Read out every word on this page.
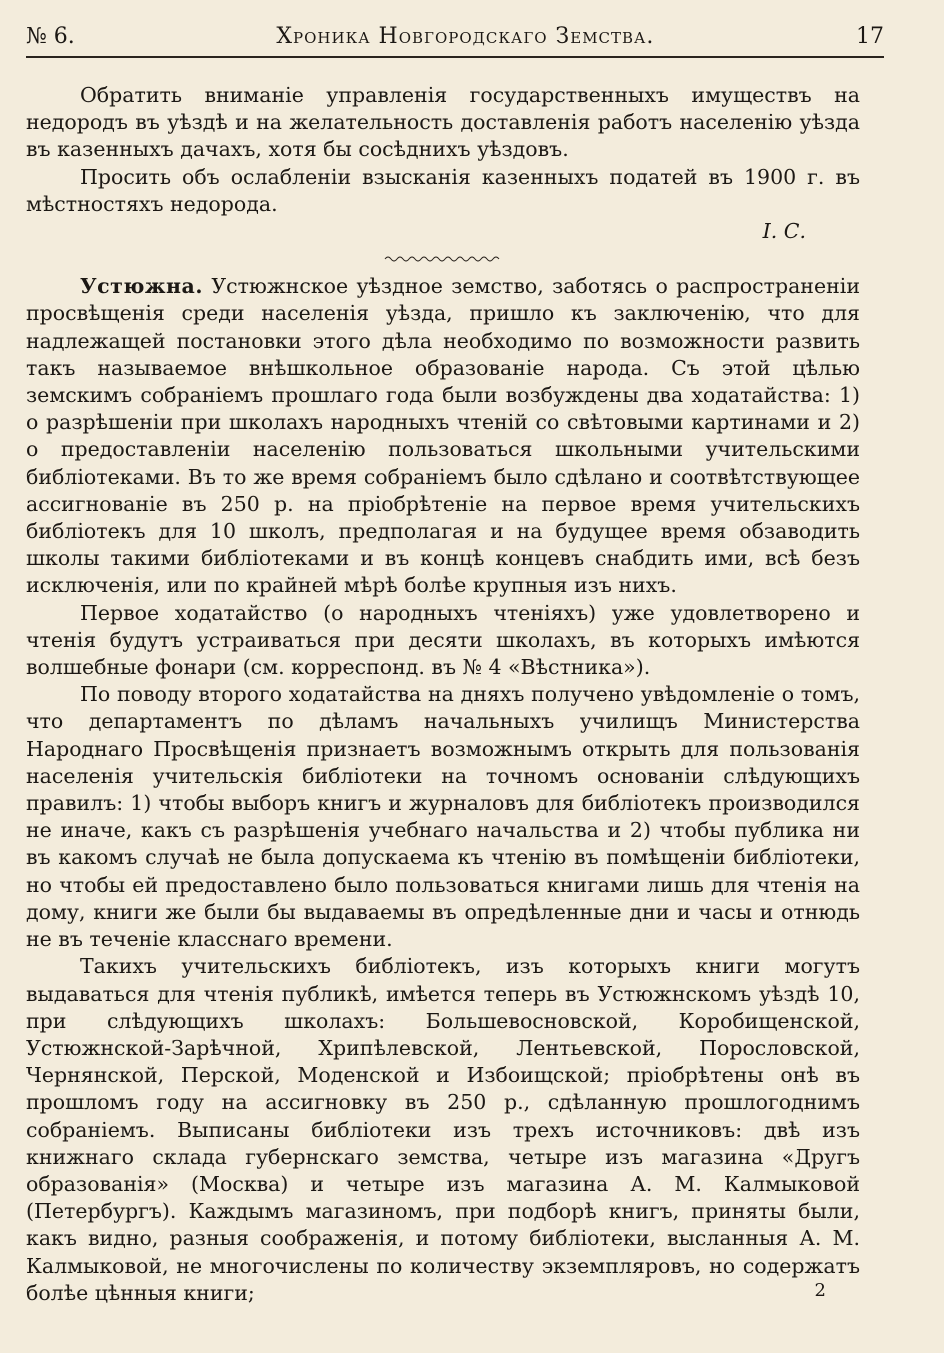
№ 6.	Хроника Новгородскаго Земства.	17

Обратить вниманіе управленія государственныхъ имуществъ на недородъ въ уѣздѣ и на желательность доставленія работъ населенію уѣзда въ казенныхъ дачахъ, хотя бы сосѣднихъ уѣздовъ.

Просить объ ослабленіи взысканія казенныхъ податей въ 1900 г. въ мѣстностяхъ недорода.

І. С.

Устюжна. Устюжнское уѣздное земство, заботясь о распространеніи просвѣщенія среди населенія уѣзда, пришло къ заключенію, что для надлежащей постановки этого дѣла необходимо по возможности развить такъ называемое внѣшкольное образованіе народа. Съ этой цѣлью земскимъ собраніемъ прошлаго года были возбуждены два ходатайства: 1) о разрѣшеніи при школахъ народныхъ чтеній со свѣтовыми картинами и 2) о предоставленіи населенію пользоваться школьными учительскими библіотеками. Въ то же время собраніемъ было сдѣлано и соотвѣтствующее ассигнованіе въ 250 р. на пріобрѣтеніе на первое время учительскихъ библіотекъ для 10 школъ, предполагая и на будущее время обзаводить школы такими библіотеками и въ концѣ концевъ снабдить ими, всѣ безъ исключенія, или по крайней мѣрѣ болѣе крупныя изъ нихъ.

Первое ходатайство (о народныхъ чтеніяхъ) уже удовлетворено и чтенія будутъ устраиваться при десяти школахъ, въ которыхъ имѣются волшебные фонари (см. корреспонд. въ № 4 «Вѣстника»).

По поводу второго ходатайства на дняхъ получено увѣдомленіе о томъ, что департаментъ по дѣламъ начальныхъ училищъ Министерства Народнаго Просвѣщенія признаетъ возможнымъ открыть для пользованія населенія учительскія библіотеки на точномъ основаніи слѣдующихъ правилъ: 1) чтобы выборъ книгъ и журналовъ для библіотекъ производился не иначе, какъ съ разрѣшенія учебнаго начальства и 2) чтобы публика ни въ какомъ случаѣ не была допускаема къ чтенію въ помѣщеніи библіотеки, но чтобы ей предоставлено было пользоваться книгами лишь для чтенія на дому, книги же были бы выдаваемы въ опредѣленные дни и часы и отнюдь не въ теченіе класснаго времени.

Такихъ учительскихъ библіотекъ, изъ которыхъ книги могутъ выдаваться для чтенія публикѣ, имѣется теперь въ Устюжнскомъ уѣздѣ 10, при слѣдующихъ школахъ: Большевосновской, Коробищенской, Устюжнской-Зарѣчной, Хрипѣлевской, Лентьевской, Пороcловской, Чернянской, Перской, Моденской и Избоищской; пріобрѣтены онѣ въ прошломъ году на ассигновку въ 250 р., сдѣланную прошлогоднимъ собраніемъ. Выписаны библіотеки изъ трехъ источниковъ: двѣ изъ книжнаго склада губернскаго земства, четыре изъ магазина «Другъ образованія» (Москва) и четыре изъ магазина А. М. Калмыковой (Петербургъ). Каждымъ магазиномъ, при подборѣ книгъ, приняты были, какъ видно, разныя соображенія, и потому библіотеки, высланныя А. М. Калмыковой, не многочислены по количеству экземпляровъ, но содержатъ болѣе цѣнныя книги;	2
